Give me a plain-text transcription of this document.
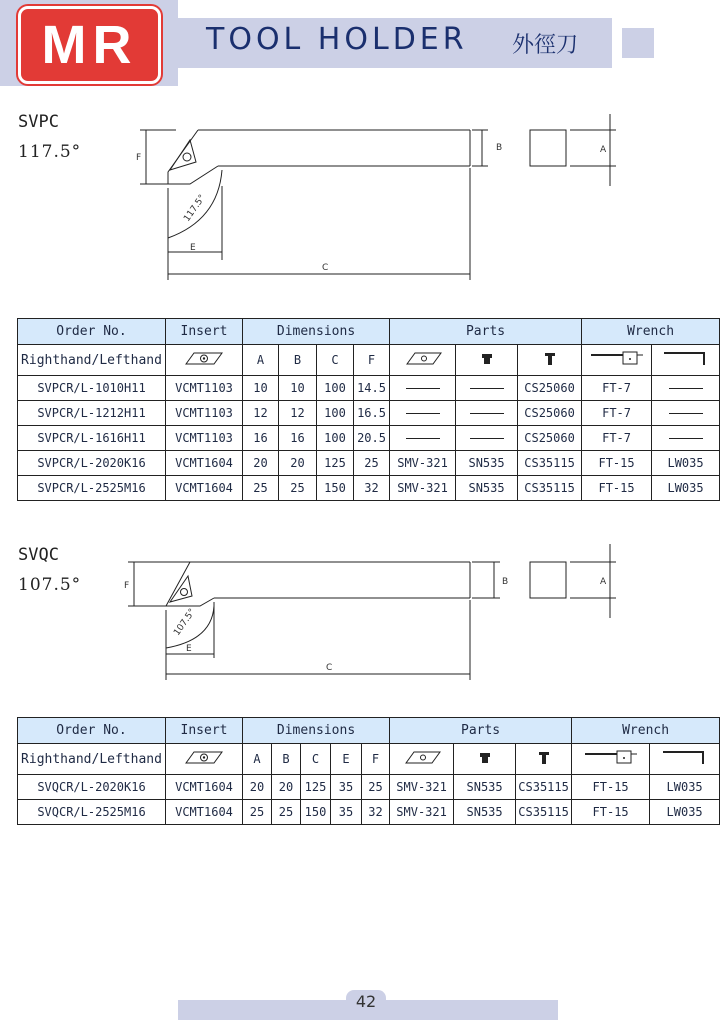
MR TOOL HOLDER 外徑刀
SVPC
117.5°	F
B	A
C
E
117.5°
Order No.	Insert	Dimensions				Parts			Wrench	
Righthand/Lefthand		A	B	C	F					
SVPCR/L-1010H11	VCMT1103	10	10	100	14.5			CS25060	FT-7	
SVPCR/L-1212H11	VCMT1103	12	12	100	16.5			CS25060	FT-7	
SVPCR/L-1616H11	VCMT1103	16	16	100	20.5			CS25060	FT-7	
SVPCR/L-2020K16	VCMT1604	20	20	125	25	SMV-321	SN535	CS35115	FT-15	LW035
SVPCR/L-2525M16	VCMT1604	25	25	150	32	SMV-321	SN535	CS35115	FT-15	LW035
SVQC
107.5°	F	B	A
C
E
107.5°
Order No.	Insert	Dimensions					Parts			Wrench	
Righthand/Lefthand		A	B	C	E	F					
SVQCR/L-2020K16	VCMT1604	20	20	125	35	25	SMV-321	SN535	CS35115	FT-15	LW035
SVQCR/L-2525M16	VCMT1604	25	25	150	35	32	SMV-321	SN535	CS35115	FT-15	LW035
42
